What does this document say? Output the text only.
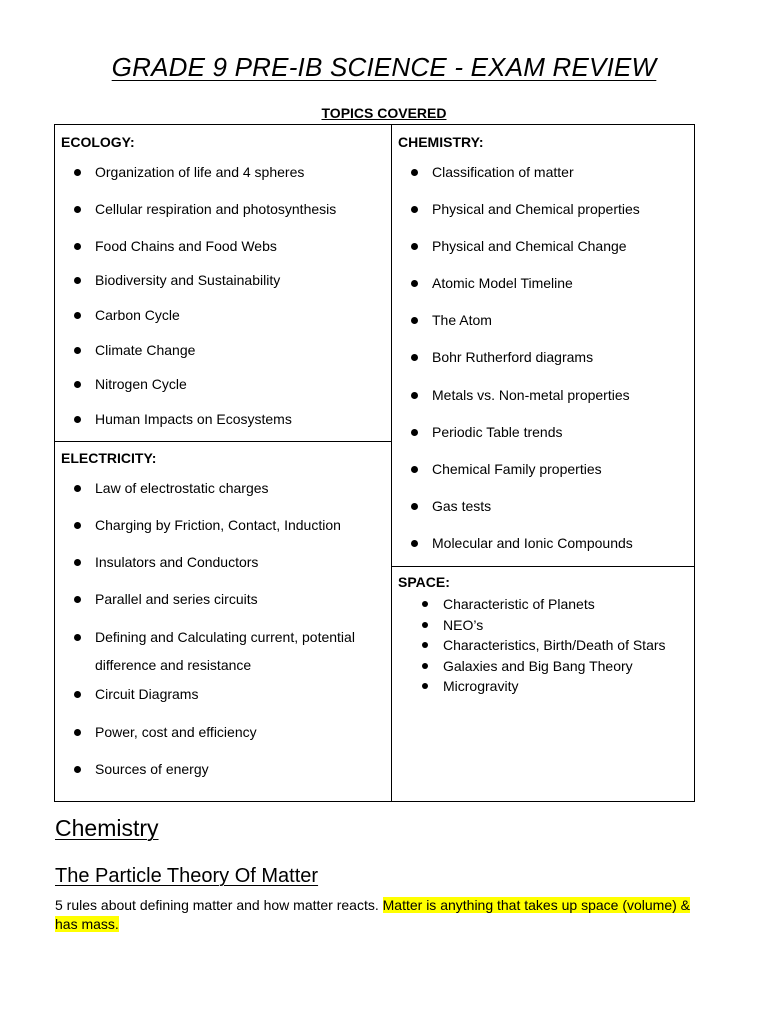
GRADE 9 PRE-IB SCIENCE - EXAM REVIEW
TOPICS COVERED
ECOLOGY:
Organization of life and 4 spheres
Cellular respiration and photosynthesis
Food Chains and Food Webs
Biodiversity and Sustainability
Carbon Cycle
Climate Change
Nitrogen Cycle
Human Impacts on Ecosystems
ELECTRICITY:
Law of electrostatic charges
Charging by Friction, Contact, Induction
Insulators and Conductors
Parallel and series circuits
Defining and Calculating current, potential difference and resistance
Circuit Diagrams
Power, cost and efficiency
Sources of energy
CHEMISTRY:
Classification of matter
Physical and Chemical properties
Physical and Chemical Change
Atomic Model Timeline
The Atom
Bohr Rutherford diagrams
Metals vs. Non-metal properties
Periodic Table trends
Chemical Family properties
Gas tests
Molecular and Ionic Compounds
SPACE:
Characteristic of Planets
NEO’s
Characteristics, Birth/Death of Stars
Galaxies and Big Bang Theory
Microgravity
Chemistry
The Particle Theory Of Matter
5 rules about defining matter and how matter reacts. Matter is anything that takes up space (volume) & has mass.
